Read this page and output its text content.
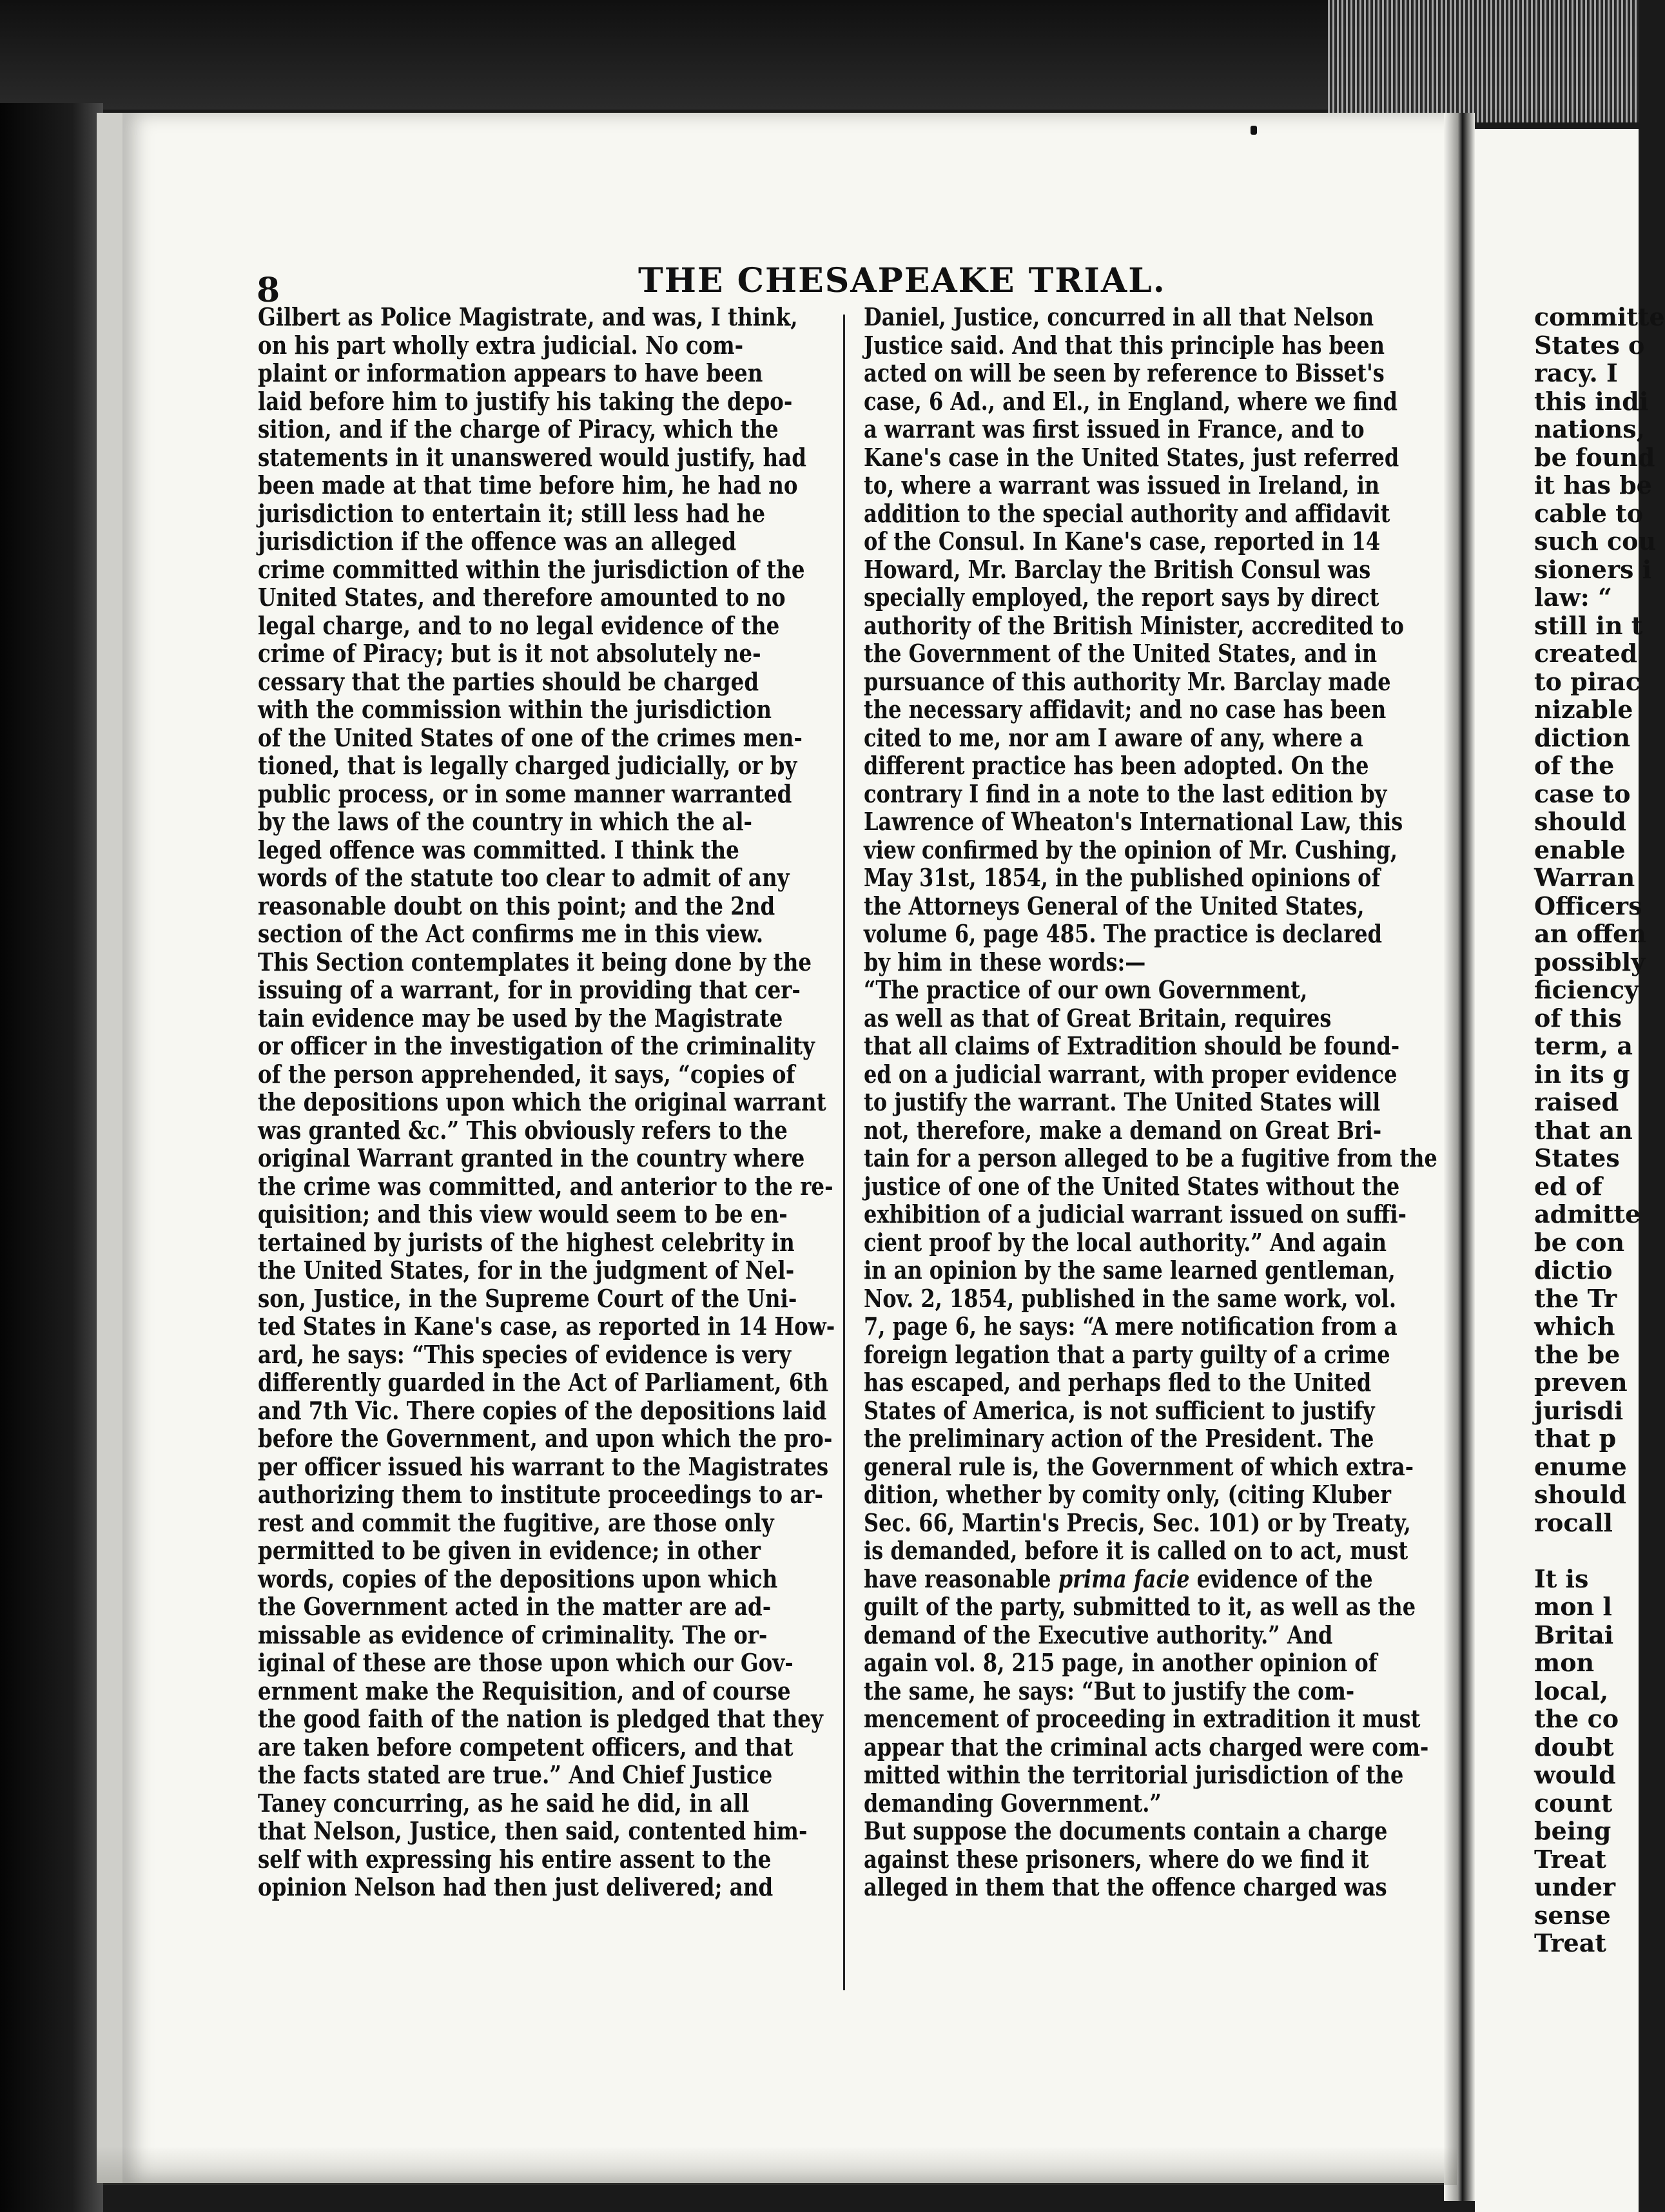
8	THE CHESAPEAKE TRIAL.
Gilbert as Police Magistrate, and was, I think,
on his part wholly extra judicial. No com-
plaint or information appears to have been
laid before him to justify his taking the depo-
sition, and if the charge of Piracy, which the
statements in it unanswered would justify, had
been made at that time before him, he had no
jurisdiction to entertain it; still less had he
jurisdiction if the offence was an alleged
crime committed within the jurisdiction of the
United States, and therefore amounted to no
legal charge, and to no legal evidence of the
crime of Piracy; but is it not absolutely ne-
cessary that the parties should be charged
with the commission within the jurisdiction
of the United States of one of the crimes men-
tioned, that is legally charged judicially, or by
public process, or in some manner warranted
by the laws of the country in which the al-
leged offence was committed. I think the
words of the statute too clear to admit of any
reasonable doubt on this point; and the 2nd
section of the Act confirms me in this view.
This Section contemplates it being done by the
issuing of a warrant, for in providing that cer-
tain evidence may be used by the Magistrate
or officer in the investigation of the criminality
of the person apprehended, it says, “copies of
the depositions upon which the original warrant
was granted &c.” This obviously refers to the
original Warrant granted in the country where
the crime was committed, and anterior to the re-
quisition; and this view would seem to be en-
tertained by jurists of the highest celebrity in
the United States, for in the judgment of Nel-
son, Justice, in the Supreme Court of the Uni-
ted States in Kane's case, as reported in 14 How-
ard, he says: “This species of evidence is very
differently guarded in the Act of Parliament, 6th
and 7th Vic. There copies of the depositions laid
before the Government, and upon which the pro-
per officer issued his warrant to the Magistrates
authorizing them to institute proceedings to ar-
rest and commit the fugitive, are those only
permitted to be given in evidence; in other
words, copies of the depositions upon which
the Government acted in the matter are ad-
missable as evidence of criminality. The or-
iginal of these are those upon which our Gov-
ernment make the Requisition, and of course
the good faith of the nation is pledged that they
are taken before competent officers, and that
the facts stated are true.” And Chief Justice
Taney concurring, as he said he did, in all
that Nelson, Justice, then said, contented him-
self with expressing his entire assent to the
opinion Nelson had then just delivered; and
Daniel, Justice, concurred in all that Nelson
Justice said. And that this principle has been
acted on will be seen by reference to Bisset's
case, 6 Ad., and El., in England, where we find
a warrant was first issued in France, and to
Kane's case in the United States, just referred
to, where a warrant was issued in Ireland, in
addition to the special authority and affidavit
of the Consul. In Kane's case, reported in 14
Howard, Mr. Barclay the British Consul was
specially employed, the report says by direct
authority of the British Minister, accredited to
the Government of the United States, and in
pursuance of this authority Mr. Barclay made
the necessary affidavit; and no case has been
cited to me, nor am I aware of any, where a
different practice has been adopted. On the
contrary I find in a note to the last edition by
Lawrence of Wheaton's International Law, this
view confirmed by the opinion of Mr. Cushing,
May 31st, 1854, in the published opinions of
the Attorneys General of the United States,
volume 6, page 485. The practice is declared
by him in these words:—
“The practice of our own Government,
as well as that of Great Britain, requires
that all claims of Extradition should be found-
ed on a judicial warrant, with proper evidence
to justify the warrant. The United States will
not, therefore, make a demand on Great Bri-
tain for a person alleged to be a fugitive from the
justice of one of the United States without the
exhibition of a judicial warrant issued on suffi-
cient proof by the local authority.” And again
in an opinion by the same learned gentleman,
Nov. 2, 1854, published in the same work, vol.
7, page 6, he says: “A mere notification from a
foreign legation that a party guilty of a crime
has escaped, and perhaps fled to the United
States of America, is not sufficient to justify
the preliminary action of the President. The
general rule is, the Government of which extra-
dition, whether by comity only, (citing Kluber
Sec. 66, Martin's Precis, Sec. 101) or by Treaty,
is demanded, before it is called on to act, must
have reasonable prima facie evidence of the
guilt of the party, submitted to it, as well as the
demand of the Executive authority.” And
again vol. 8, 215 page, in another opinion of
the same, he says: “But to justify the com-
mencement of proceeding in extradition it must
appear that the criminal acts charged were com-
mitted within the territorial jurisdiction of the
demanding Government.”
But suppose the documents contain a charge
against these prisoners, where do we find it
alleged in them that the offence charged was
committe
States o
racy. I
this indi
nations,
be found
it has be
cable to
such cou
sioners i
law: “
still in t
created
to pirac
nizable
diction
of the
case to
should
enable
Warran
Officers
an offen
possibly
ficiency
of this
term, a
in its g
raised
that an
States
ed of
admitte
be con
dictio
the Tr
which
the be
preven
jurisdi
that p
enume
should
rocall
It is
mon l
Britai
mon
local,
the co
doubt
would
count
being
Treat
under
sense
Treat
